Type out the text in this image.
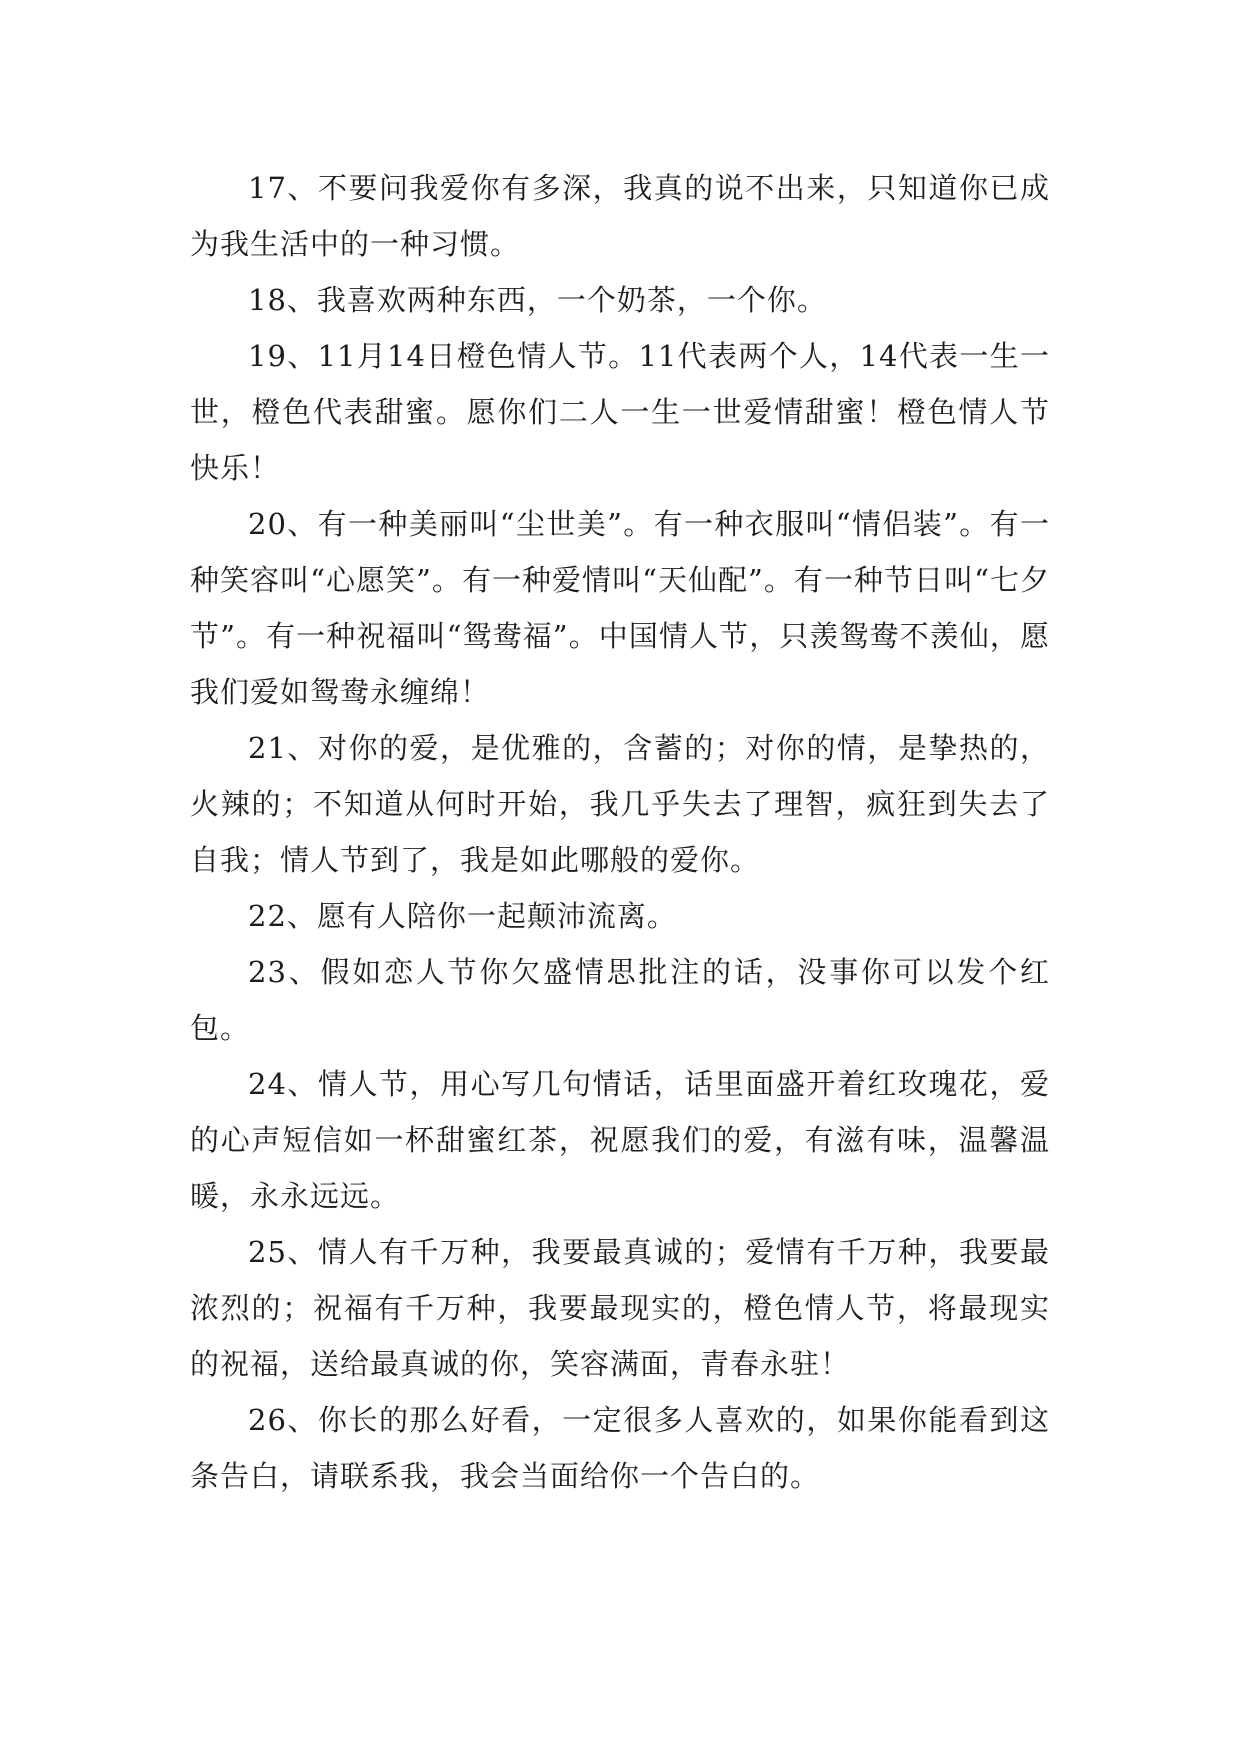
17、不要问我爱你有多深，我真的说不出来，只知道你已成为我生活中的一种习惯。

18、我喜欢两种东西，一个奶茶，一个你。

19、11月14日橙色情人节。11代表两个人，14代表一生一世，橙色代表甜蜜。愿你们二人一生一世爱情甜蜜！橙色情人节快乐！

20、有一种美丽叫“尘世美”。有一种衣服叫“情侣装”。有一种笑容叫“心愿笑”。有一种爱情叫“天仙配”。有一种节日叫“七夕节”。有一种祝福叫“鸳鸯福”。中国情人节，只羡鸳鸯不羡仙，愿我们爱如鸳鸯永缠绵！

21、对你的爱，是优雅的，含蓄的；对你的情，是挚热的，火辣的；不知道从何时开始，我几乎失去了理智，疯狂到失去了自我；情人节到了，我是如此哪般的爱你。

22、愿有人陪你一起颠沛流离。

23、假如恋人节你欠盛情思批注的话，没事你可以发个红包。

24、情人节，用心写几句情话，话里面盛开着红玫瑰花，爱的心声短信如一杯甜蜜红茶，祝愿我们的爱，有滋有味，温馨温暖，永永远远。

25、情人有千万种，我要最真诚的；爱情有千万种，我要最浓烈的；祝福有千万种，我要最现实的，橙色情人节，将最现实的祝福，送给最真诚的你，笑容满面，青春永驻！

26、你长的那么好看，一定很多人喜欢的，如果你能看到这条告白，请联系我，我会当面给你一个告白的。
